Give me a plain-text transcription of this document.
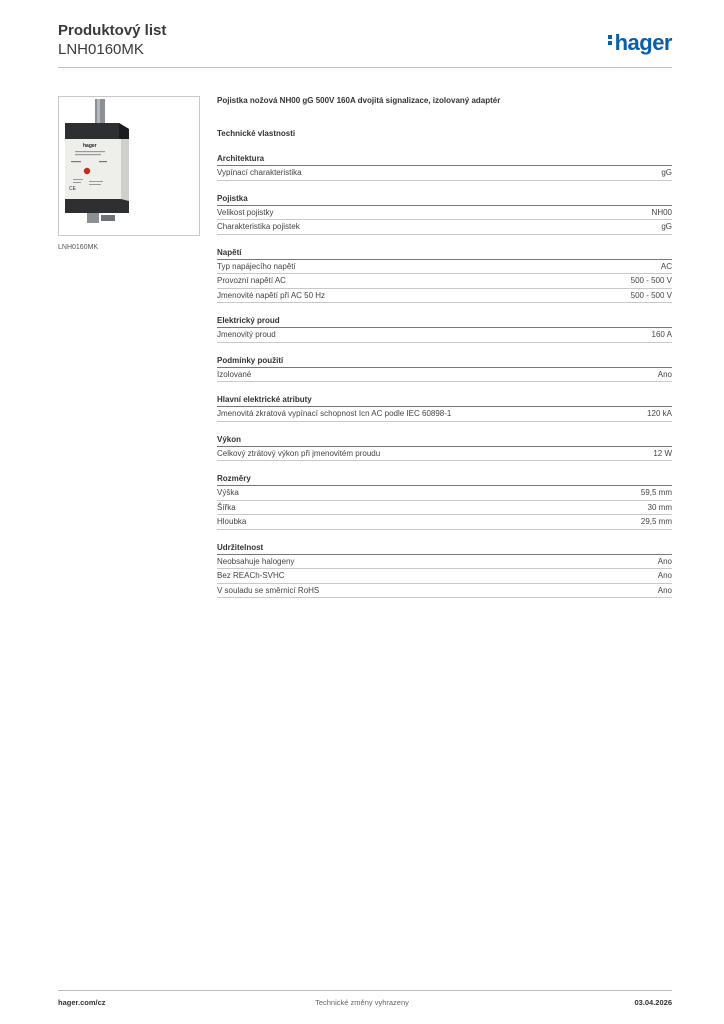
Produktový list
LNH0160MK	hager
hager
CE
LNH0160MK
Pojistka nožová NH00 gG 500V 160A dvojitá signalizace, izolovaný adaptér
Technické vlastnosti
Architektura
Vypínací charakteristika	gG
Pojistka
Velikost pojistky	NH00
Charakteristika pojistek	gG
Napětí
Typ napájecího napětí	AC
Provozní napětí AC	500 - 500 V
Jmenovité napětí při AC 50 Hz	500 - 500 V
Elektrický proud
Jmenovitý proud	160 A
Podmínky použití
Izolované	Ano
Hlavní elektrické atributy
Jmenovitá zkratová vypínací schopnost Icn AC podle IEC 60898-1	120 kA
Výkon
Celkový ztrátový výkon při jmenovitém proudu	12 W
Rozměry
Výška	59,5 mm
Šířka	30 mm
Hloubka	29,5 mm
Udržitelnost
Neobsahuje halogeny	Ano
Bez REACh-SVHC	Ano
V souladu se směrnicí RoHS	Ano
Technické změny vyhrazeny
hager.com/cz	03.04.2026
